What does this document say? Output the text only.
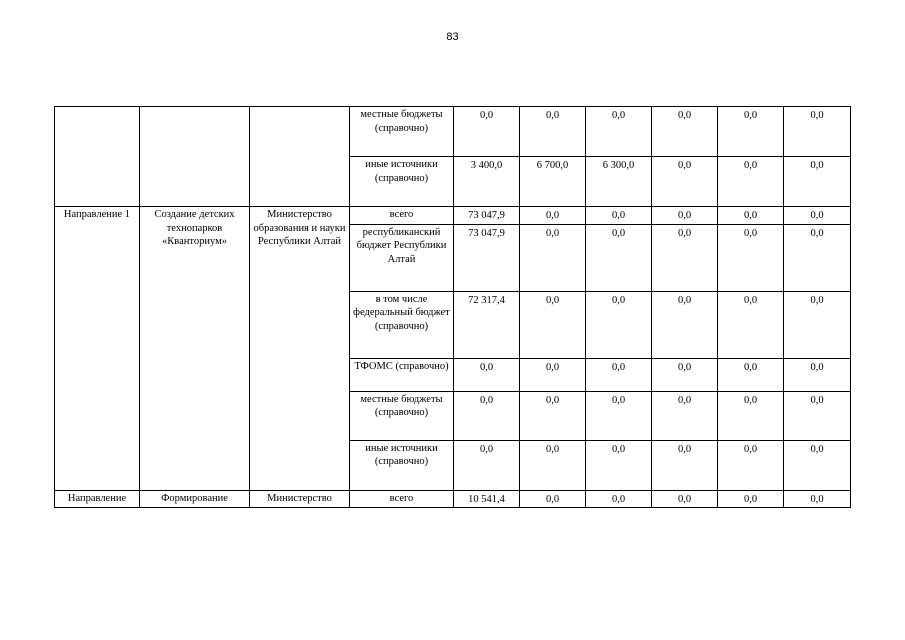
83
			местные бюджеты (справочно)	0,0	0,0	0,0	0,0	0,0	0,0
			иные источники (справочно)	3 400,0	6 700,0	6 300,0	0,0	0,0	0,0
Направление 1	Создание детских технопарков «Кванториум»	Министерство образования и науки Республики Алтай	всего	73 047,9	0,0	0,0	0,0	0,0	0,0
			республиканский бюджет Республики Алтай	73 047,9	0,0	0,0	0,0	0,0	0,0
			в том числе федеральный бюджет (справочно)	72 317,4	0,0	0,0	0,0	0,0	0,0
			ТФОМС (справочно)	0,0	0,0	0,0	0,0	0,0	0,0
			местные бюджеты (справочно)	0,0	0,0	0,0	0,0	0,0	0,0
			иные источники (справочно)	0,0	0,0	0,0	0,0	0,0	0,0
Направление	Формирование	Министерство	всего	10 541,4	0,0	0,0	0,0	0,0	0,0
